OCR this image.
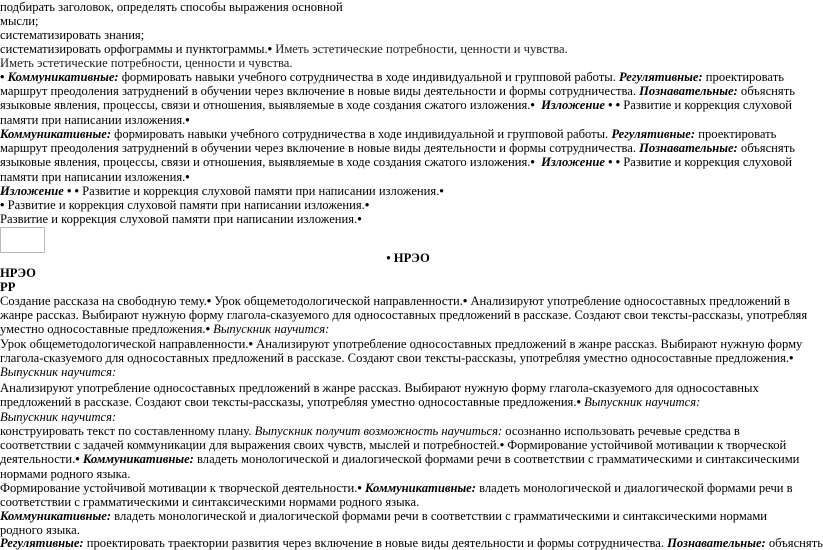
подбирать заголовок, определять способы выражения основной
мысли;
систематизировать знания;
систематизировать орфограммы и пунктограммы.• Иметь эстетические потребности, ценности и чувства.
Иметь эстетические потребности, ценности и чувства.
• Коммуникативные: формировать навыки учебного сотрудничества в ходе индивидуальной и групповой работы. Регулятивные: проектировать маршрут преодоления затруднений в обучении через включение в новые виды деятельности и формы сотрудничества. Познавательные: объяснять языковые явления, процессы, связи и отношения, выявляемые в ходе создания сжатого изложения.• Изложение • • Развитие и коррекция слуховой памяти при написании изложения.•
Коммуникативные: формировать навыки учебного сотрудничества в ходе индивидуальной и групповой работы. Регулятивные: проектировать маршрут преодоления затруднений в обучении через включение в новые виды деятельности и формы сотрудничества. Познавательные: объяснять языковые явления, процессы, связи и отношения, выявляемые в ходе создания сжатого изложения.• Изложение • • Развитие и коррекция слуховой памяти при написании изложения.•
Изложение • • Развитие и коррекция слуховой памяти при написании изложения.•
• Развитие и коррекция слуховой памяти при написании изложения.•
Развитие и коррекция слуховой памяти при написании изложения.•
• НРЭО
НРЭО
РР
Создание рассказа на свободную тему.• Урок общеметодологической направленности.• Анализируют употребление односоставных предложений в жанре рассказ. Выбирают нужную форму глагола-сказуемого для односоставных предложений в рассказе. Создают свои тексты-рассказы, употребляя уместно односоставные предложения.• Выпускник научится:
Урок общеметодологической направленности.• Анализируют употребление односоставных предложений в жанре рассказ. Выбирают нужную форму глагола-сказуемого для односоставных предложений в рассказе. Создают свои тексты-рассказы, употребляя уместно односоставные предложения.• Выпускник научится:
Анализируют употребление односоставных предложений в жанре рассказ. Выбирают нужную форму глагола-сказуемого для односоставных предложений в рассказе. Создают свои тексты-рассказы, употребляя уместно односоставные предложения.• Выпускник научится:
Выпускник научится:
конструировать текст по составленному плану. Выпускник получит возможность научиться: осознанно использовать речевые средства в соответствии с задачей коммуникации для выражения своих чувств, мыслей и потребностей.• Формирование устойчивой мотивации к творческой деятельности.• Коммуникативные: владеть монологической и диалогической формами речи в соответствии с грамматическими и синтаксическими нормами родного языка.
Формирование устойчивой мотивации к творческой деятельности.• Коммуникативные: владеть монологической и диалогической формами речи в соответствии с грамматическими и синтаксическими нормами родного языка.
Коммуникативные: владеть монологической и диалогической формами речи в соответствии с грамматическими и синтаксическими нормами родного языка.
Регулятивные: проектировать траектории развития через включение в новые виды деятельности и формы сотрудничества. Познавательные: объяснять
